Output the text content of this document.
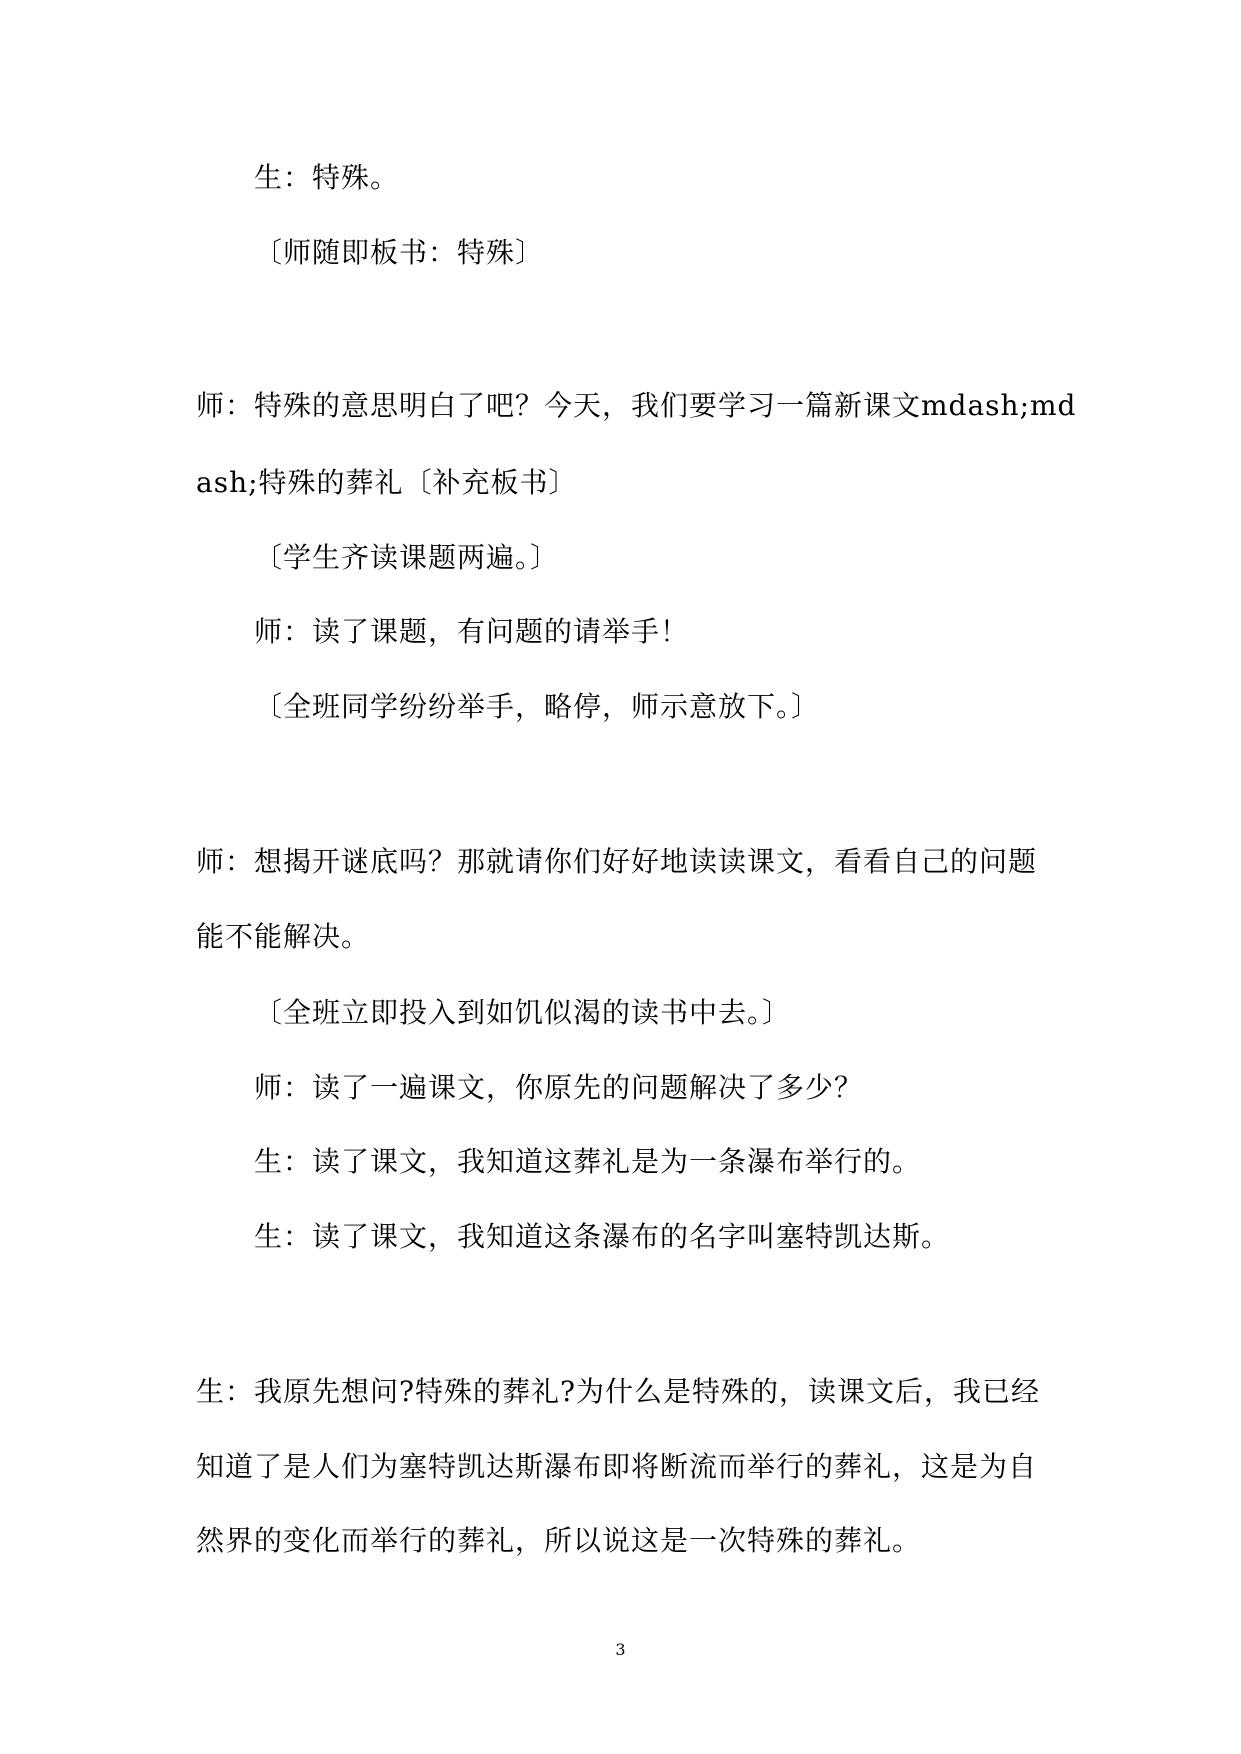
生：特殊。
〔师随即板书：特殊〕
师：特殊的意思明白了吧？今天，我们要学习一篇新课文mdash;md
ash;特殊的葬礼〔补充板书〕
〔学生齐读课题两遍。〕
师：读了课题，有问题的请举手！
〔全班同学纷纷举手，略停，师示意放下。〕
师：想揭开谜底吗？那就请你们好好地读读课文，看看自己的问题
能不能解决。
〔全班立即投入到如饥似渴的读书中去。〕
师：读了一遍课文，你原先的问题解决了多少？
生：读了课文，我知道这葬礼是为一条瀑布举行的。
生：读了课文，我知道这条瀑布的名字叫塞特凯达斯。
生：我原先想问?特殊的葬礼?为什么是特殊的，读课文后，我已经
知道了是人们为塞特凯达斯瀑布即将断流而举行的葬礼，这是为自
然界的变化而举行的葬礼，所以说这是一次特殊的葬礼。
3
